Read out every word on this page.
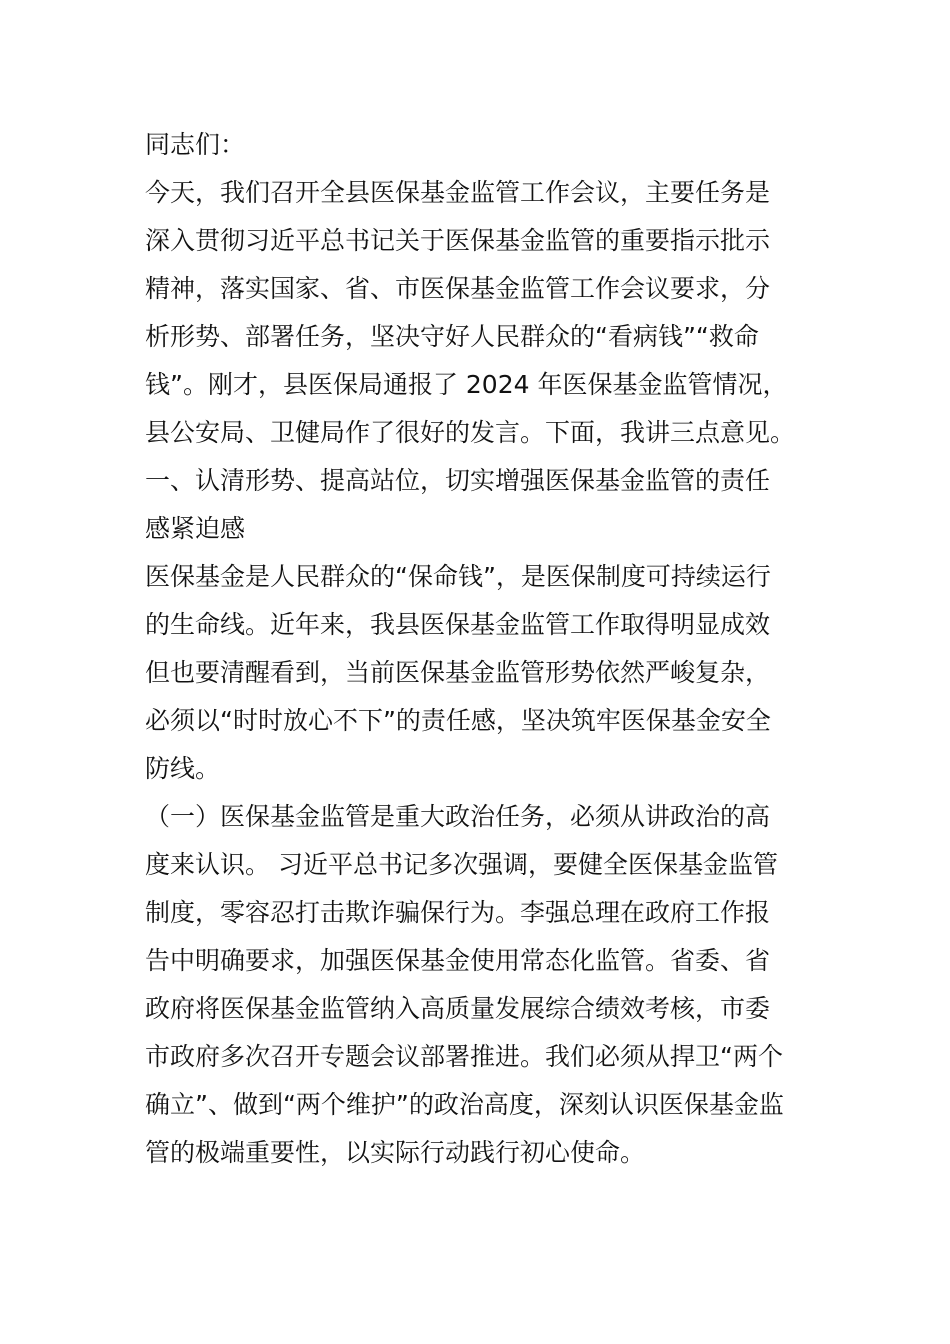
同志们：
今天，我们召开全县医保基金监管工作会议，主要任务是
深入贯彻习近平总书记关于医保基金监管的重要指示批示
精神，落实国家、省、市医保基金监管工作会议要求，分
析形势、部署任务，坚决守好人民群众的“看病钱”“救命
钱”。刚才，县医保局通报了 2024 年医保基金监管情况，
县公安局、卫健局作了很好的发言。下面，我讲三点意见。
一、认清形势、提高站位，切实增强医保基金监管的责任
感紧迫感
医保基金是人民群众的“保命钱”，是医保制度可持续运行
的生命线。近年来，我县医保基金监管工作取得明显成效
但也要清醒看到，当前医保基金监管形势依然严峻复杂，
必须以“时时放心不下”的责任感，坚决筑牢医保基金安全
防线。
（一）医保基金监管是重大政治任务，必须从讲政治的高
度来认识。 习近平总书记多次强调，要健全医保基金监管
制度，零容忍打击欺诈骗保行为。李强总理在政府工作报
告中明确要求，加强医保基金使用常态化监管。省委、省
政府将医保基金监管纳入高质量发展综合绩效考核，市委
市政府多次召开专题会议部署推进。我们必须从捍卫“两个
确立”、做到“两个维护”的政治高度，深刻认识医保基金监
管的极端重要性，以实际行动践行初心使命。
